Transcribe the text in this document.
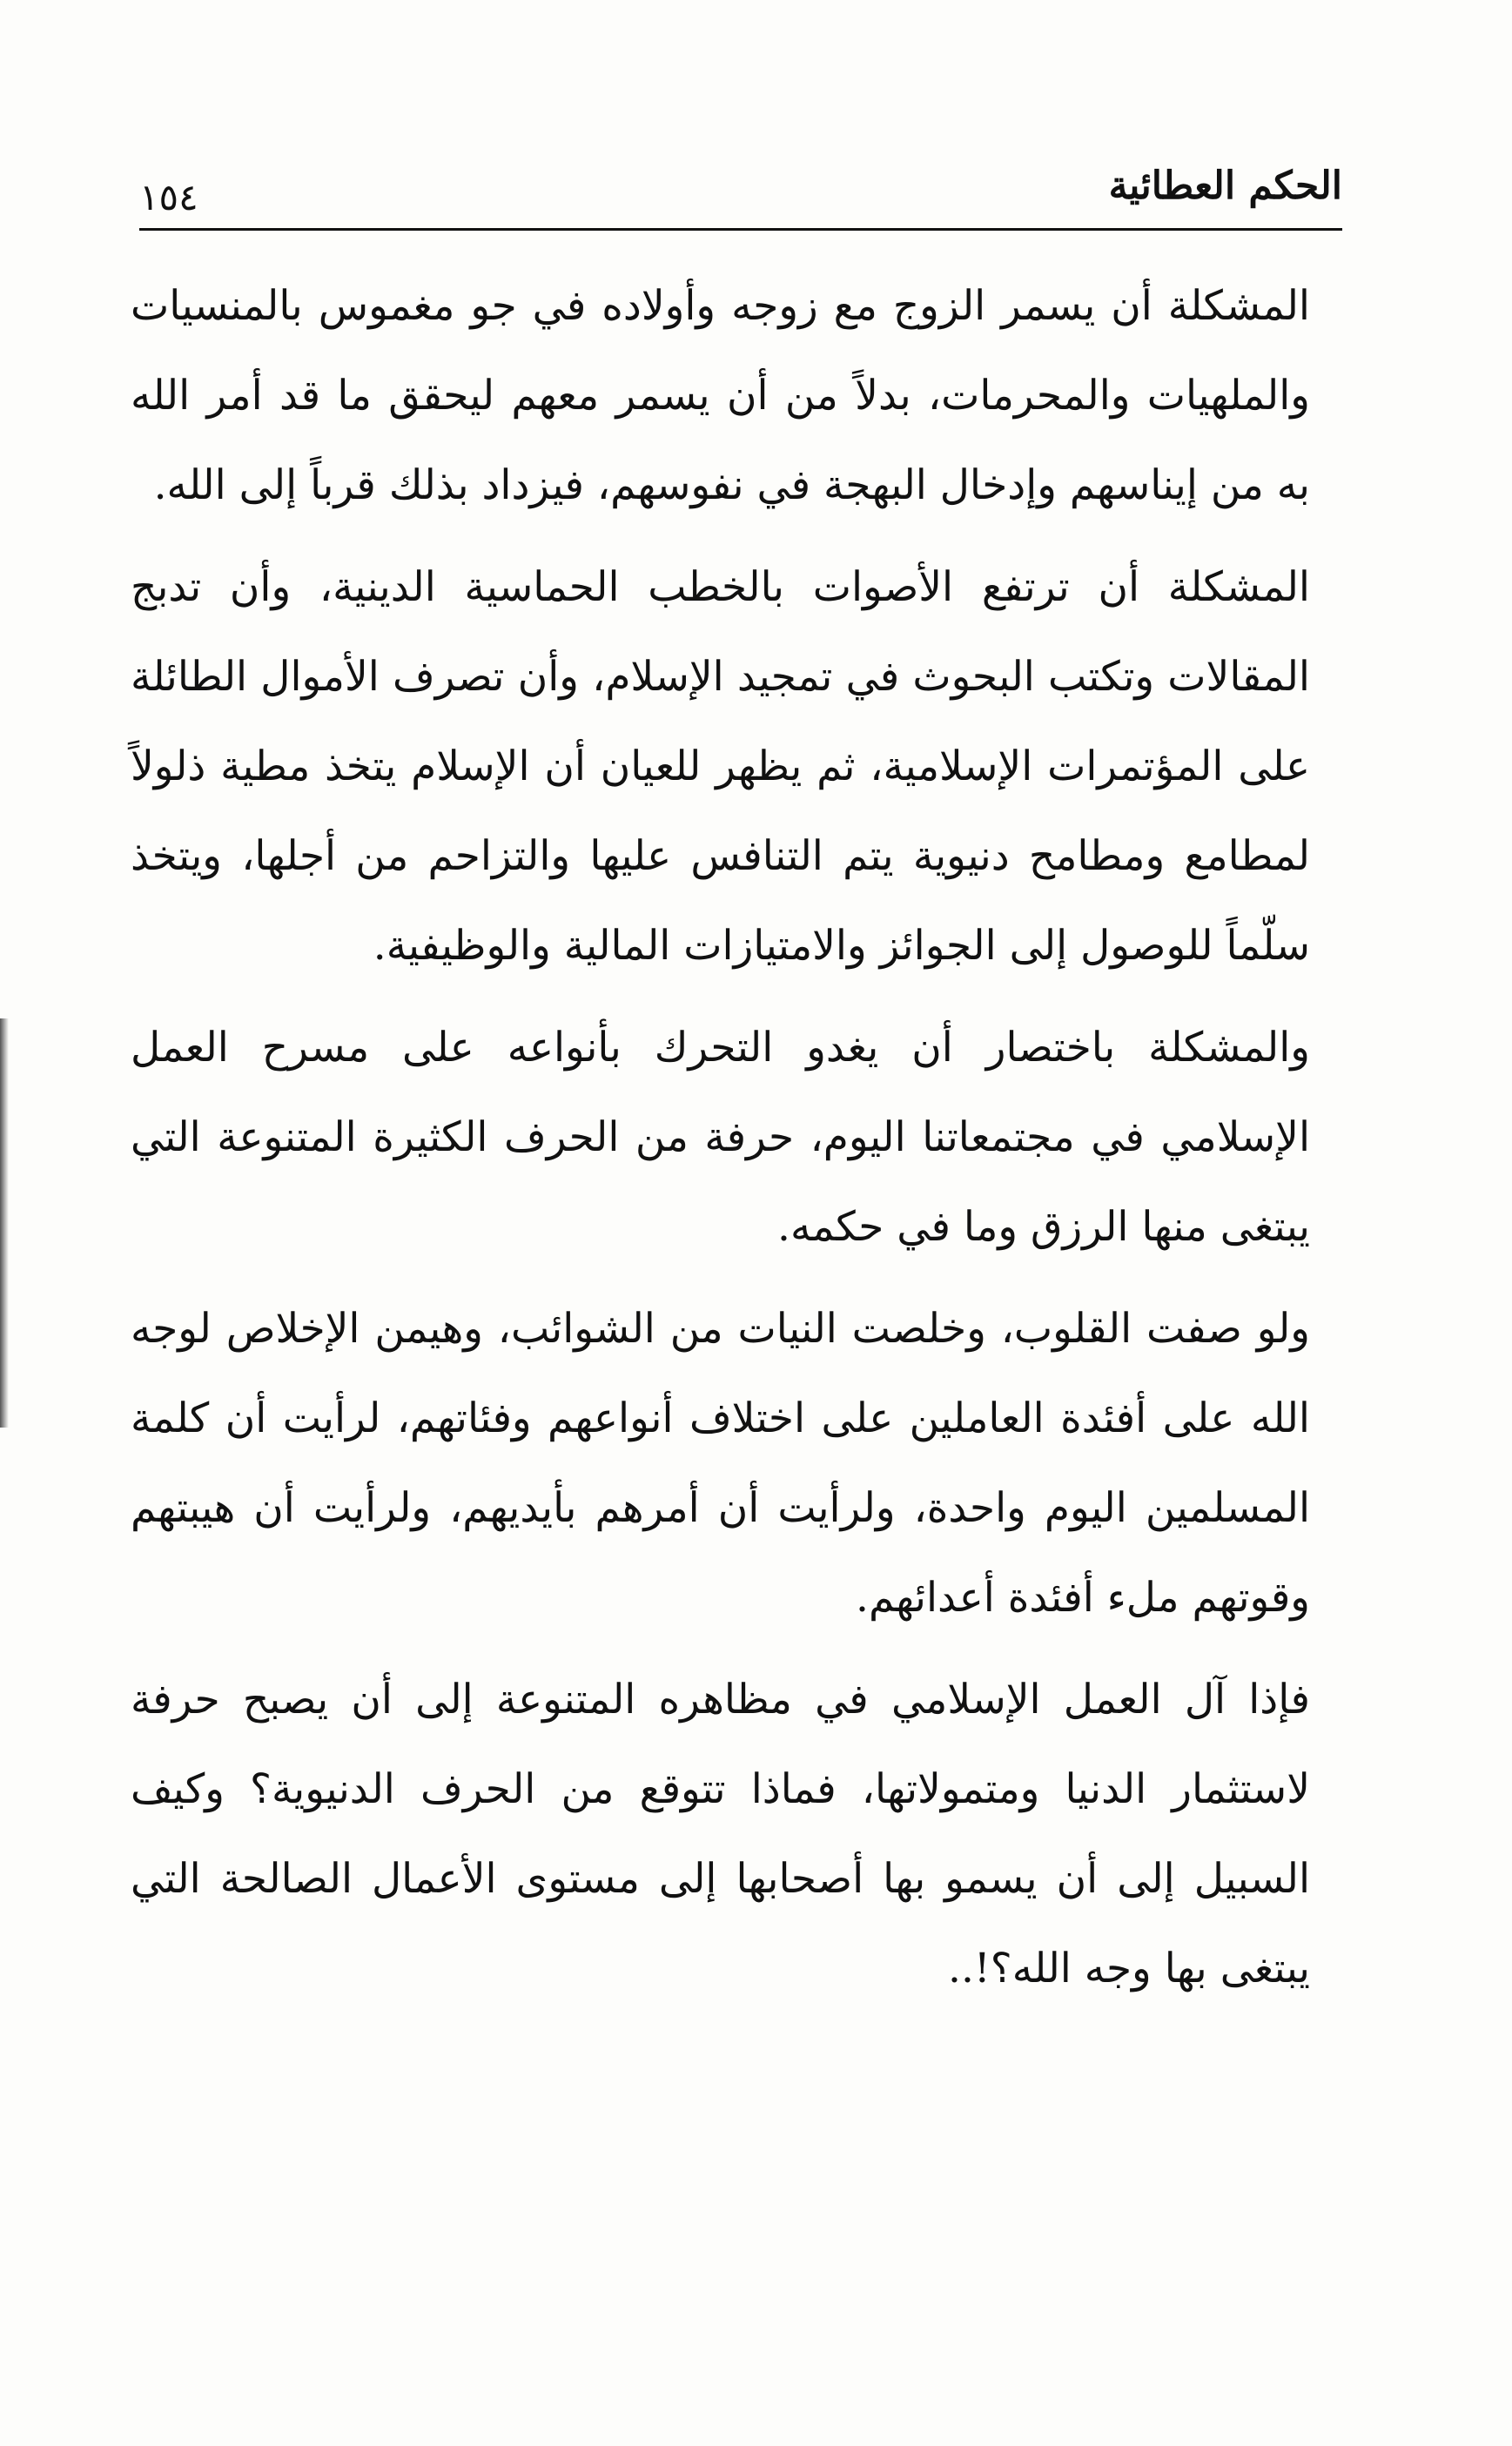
الحكم العطائية
١٥٤

المشكلة أن يسمر الزوج مع زوجه وأولاده في جو مغموس بالمنسيات والملهيات والمحرمات، بدلاً من أن يسمر معهم ليحقق ما قد أمر الله به من إيناسهم وإدخال البهجة في نفوسهم، فيزداد بذلك قرباً إلى الله.

المشكلة أن ترتفع الأصوات بالخطب الحماسية الدينية، وأن تدبج المقالات وتكتب البحوث في تمجيد الإسلام، وأن تصرف الأموال الطائلة على المؤتمرات الإسلامية، ثم يظهر للعيان أن الإسلام يتخذ مطية ذلولاً لمطامع ومطامح دنيوية يتم التنافس عليها والتزاحم من أجلها، ويتخذ سلّماً للوصول إلى الجوائز والامتيازات المالية والوظيفية.

والمشكلة باختصار أن يغدو التحرك بأنواعه على مسرح العمل الإسلامي في مجتمعاتنا اليوم، حرفة من الحرف الكثيرة المتنوعة التي يبتغى منها الرزق وما في حكمه.

ولو صفت القلوب، وخلصت النيات من الشوائب، وهيمن الإخلاص لوجه الله على أفئدة العاملين على اختلاف أنواعهم وفئاتهم، لرأيت أن كلمة المسلمين اليوم واحدة، ولرأيت أن أمرهم بأيديهم، ولرأيت أن هيبتهم وقوتهم ملء أفئدة أعدائهم.

فإذا آل العمل الإسلامي في مظاهره المتنوعة إلى أن يصبح حرفة لاستثمار الدنيا ومتمولاتها، فماذا تتوقع من الحرف الدنيوية؟ وكيف السبيل إلى أن يسمو بها أصحابها إلى مستوى الأعمال الصالحة التي يبتغى بها وجه الله؟!..
